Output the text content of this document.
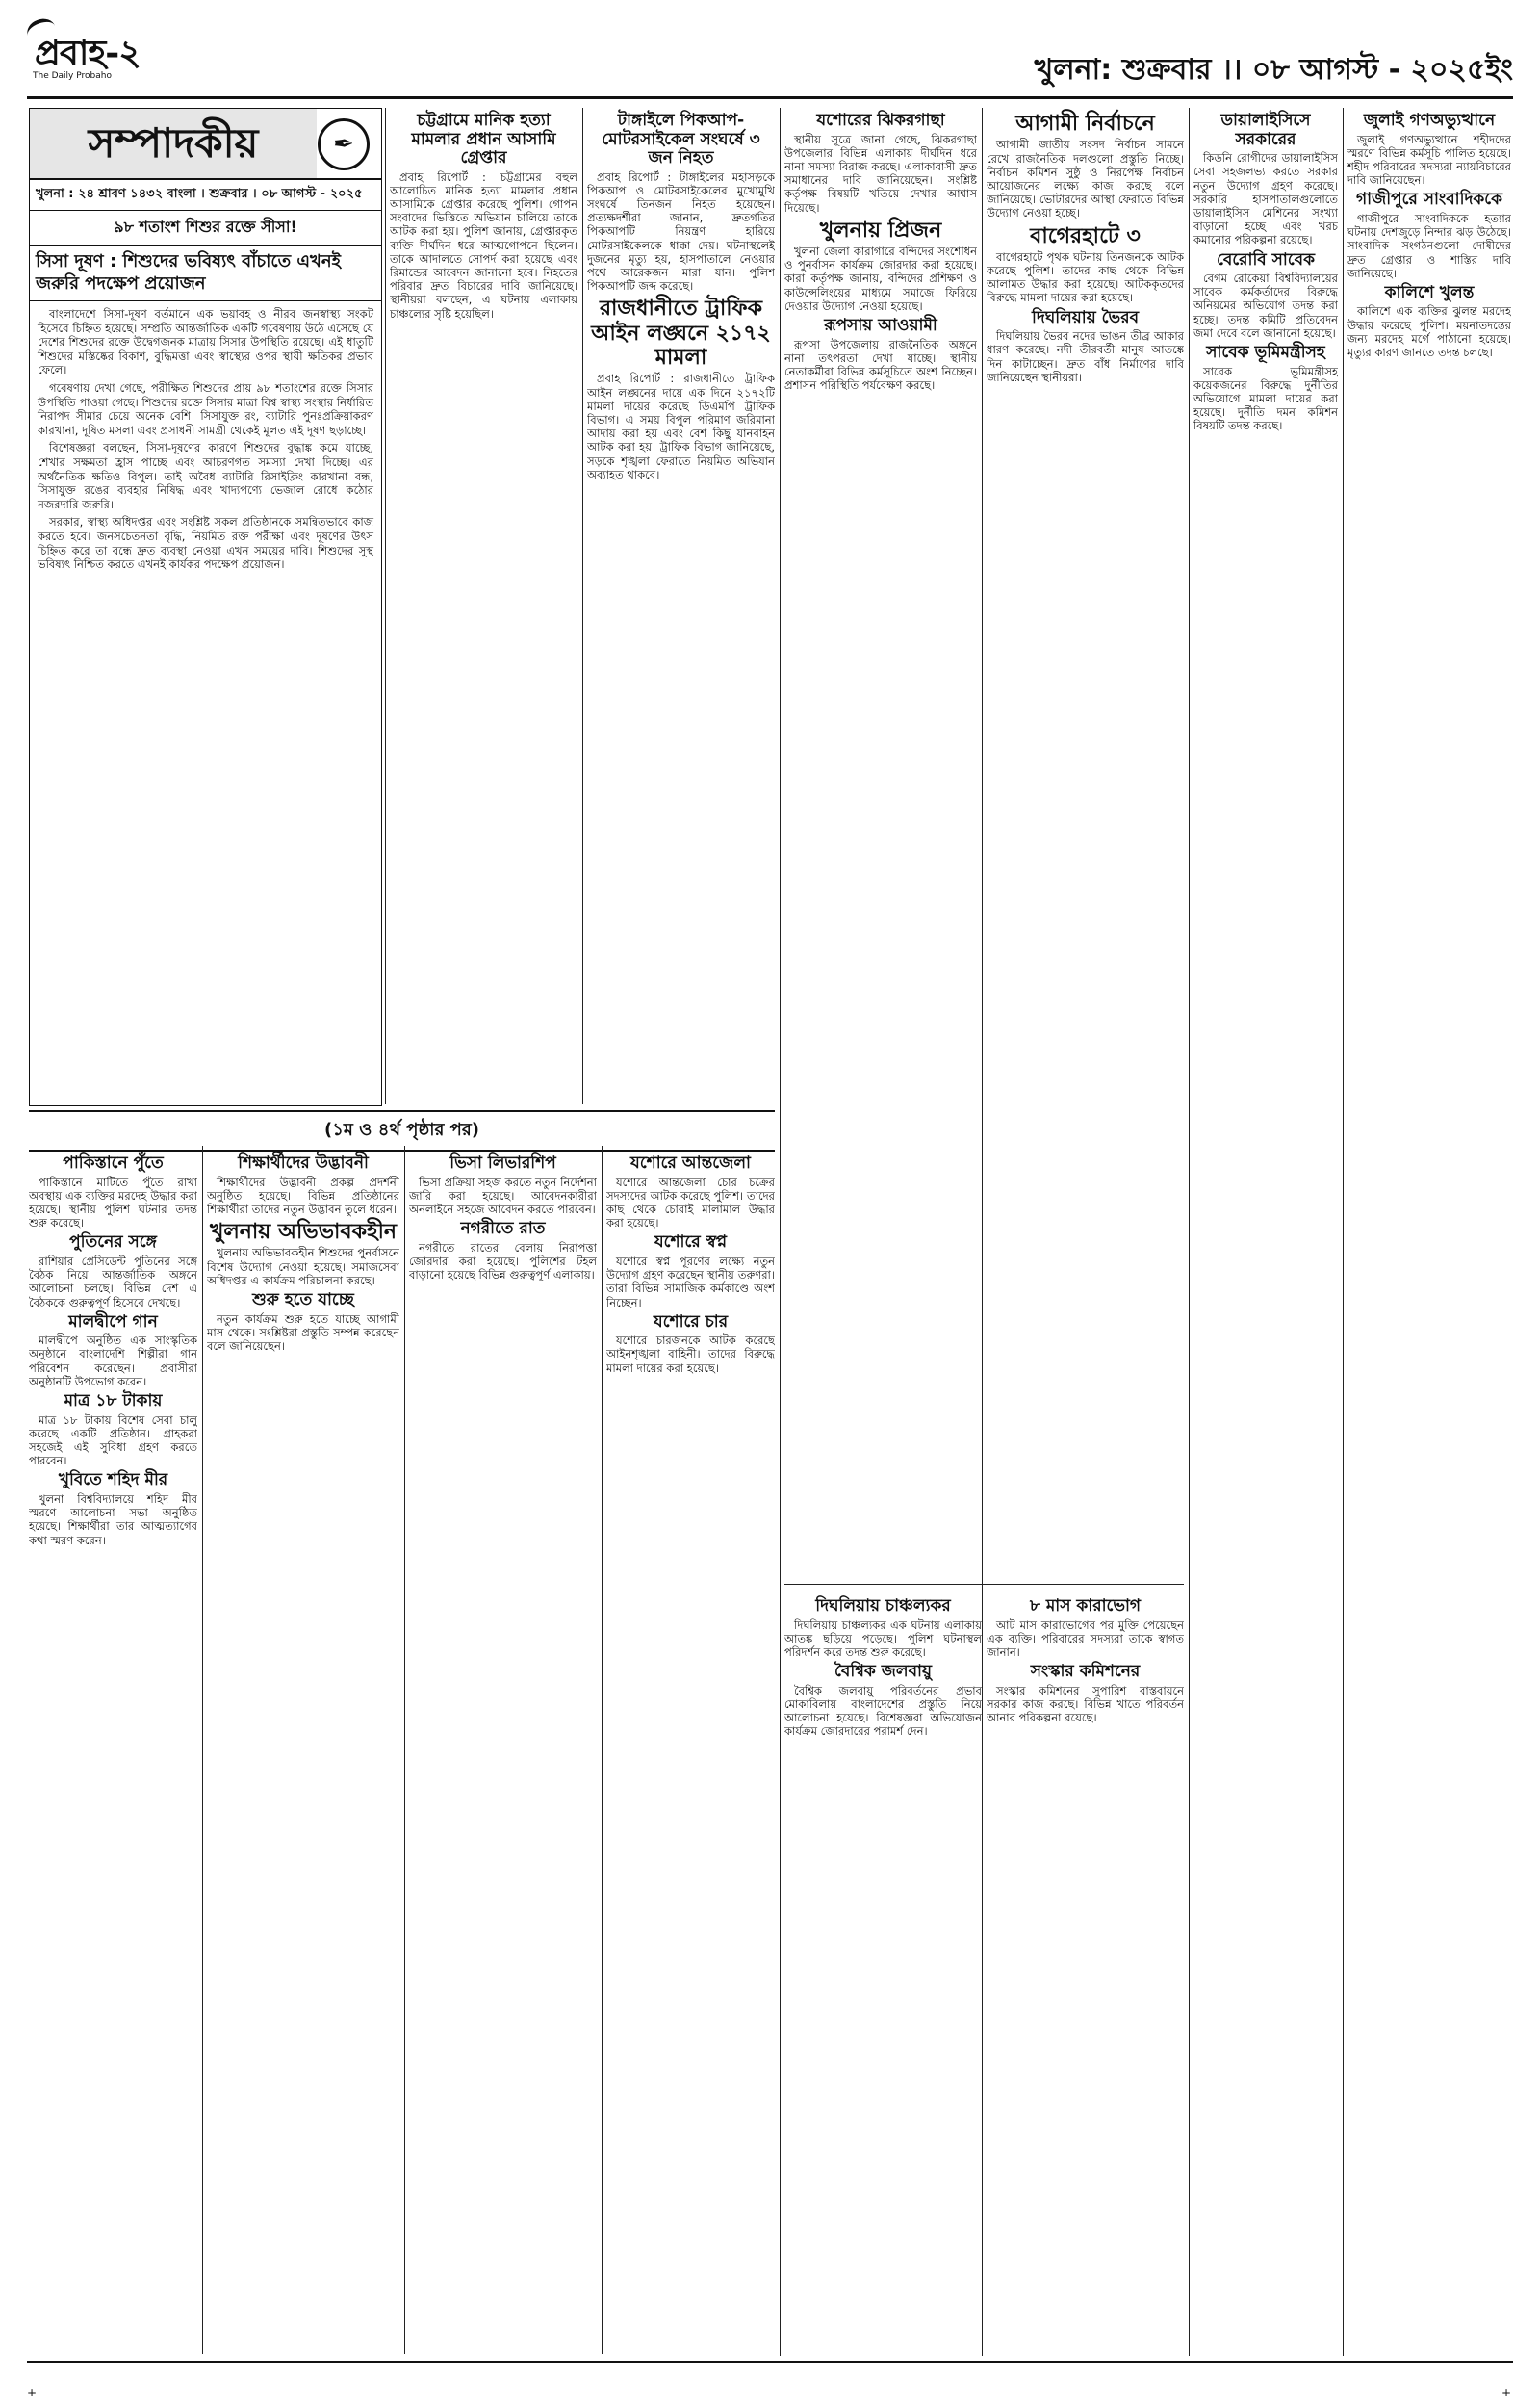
প্রবাহ-২
The Daily Probaho	খুলনা: শুক্রবার ।। ০৮ আগস্ট - ২০২৫ইং
সম্পাদকীয়	✒
খুলনা : ২৪ শ্রাবণ ১৪৩২ বাংলা । শুক্রবার । ০৮ আগস্ট - ২০২৫
৯৮ শতাংশ শিশুর রক্তে সীসা!
সিসা দূষণ : শিশুদের ভবিষ্যৎ বাঁচাতে এখনই জরুরি পদক্ষেপ প্রয়োজন

বাংলাদেশে সিসা-দূষণ বর্তমানে এক ভয়াবহ ও নীরব জনস্বাস্থ্য সংকট হিসেবে চিহ্নিত হয়েছে। সম্প্রতি আন্তর্জাতিক একটি গবেষণায় উঠে এসেছে যে দেশের শিশুদের রক্তে উদ্বেগজনক মাত্রায় সিসার উপস্থিতি রয়েছে। এই ধাতুটি শিশুদের মস্তিষ্কের বিকাশ, বুদ্ধিমত্তা এবং স্বাস্থ্যের ওপর স্থায়ী ক্ষতিকর প্রভাব ফেলে।

গবেষণায় দেখা গেছে, পরীক্ষিত শিশুদের প্রায় ৯৮ শতাংশের রক্তে সিসার উপস্থিতি পাওয়া গেছে। শিশুদের রক্তে সিসার মাত্রা বিশ্ব স্বাস্থ্য সংস্থার নির্ধারিত নিরাপদ সীমার চেয়ে অনেক বেশি। সিসাযুক্ত রং, ব্যাটারি পুনঃপ্রক্রিয়াকরণ কারখানা, দূষিত মসলা এবং প্রসাধনী সামগ্রী থেকেই মূলত এই দূষণ ছড়াচ্ছে।

বিশেষজ্ঞরা বলছেন, সিসা-দূষণের কারণে শিশুদের বুদ্ধাঙ্ক কমে যাচ্ছে, শেখার সক্ষমতা হ্রাস পাচ্ছে এবং আচরণগত সমস্যা দেখা দিচ্ছে। এর অর্থনৈতিক ক্ষতিও বিপুল। তাই অবৈধ ব্যাটারি রিসাইক্লিং কারখানা বন্ধ, সিসাযুক্ত রঙের ব্যবহার নিষিদ্ধ এবং খাদ্যপণ্যে ভেজাল রোধে কঠোর নজরদারি জরুরি।

সরকার, স্বাস্থ্য অধিদপ্তর এবং সংশ্লিষ্ট সকল প্রতিষ্ঠানকে সমন্বিতভাবে কাজ করতে হবে। জনসচেতনতা বৃদ্ধি, নিয়মিত রক্ত পরীক্ষা এবং দূষণের উৎস চিহ্নিত করে তা বন্ধে দ্রুত ব্যবস্থা নেওয়া এখন সময়ের দাবি। শিশুদের সুস্থ ভবিষ্যৎ নিশ্চিত করতে এখনই কার্যকর পদক্ষেপ প্রয়োজন।

চট্টগ্রামে মানিক হত্যা মামলার প্রধান আসামি গ্রেপ্তার

প্রবাহ রিপোর্ট : চট্টগ্রামের বহুল আলোচিত মানিক হত্যা মামলার প্রধান আসামিকে গ্রেপ্তার করেছে পুলিশ। গোপন সংবাদের ভিত্তিতে অভিযান চালিয়ে তাকে আটক করা হয়। পুলিশ জানায়, গ্রেপ্তারকৃত ব্যক্তি দীর্ঘদিন ধরে আত্মগোপনে ছিলেন। তাকে আদালতে সোপর্দ করা হয়েছে এবং রিমান্ডের আবেদন জানানো হবে। নিহতের পরিবার দ্রুত বিচারের দাবি জানিয়েছে। স্থানীয়রা বলছেন, এ ঘটনায় এলাকায় চাঞ্চল্যের সৃষ্টি হয়েছিল।

টাঙ্গাইলে পিকআপ-মোটরসাইকেল সংঘর্ষে ৩ জন নিহত

প্রবাহ রিপোর্ট : টাঙ্গাইলের মহাসড়কে পিকআপ ও মোটরসাইকেলের মুখোমুখি সংঘর্ষে তিনজন নিহত হয়েছেন। প্রত্যক্ষদর্শীরা জানান, দ্রুতগতির পিকআপটি নিয়ন্ত্রণ হারিয়ে মোটরসাইকেলকে ধাক্কা দেয়। ঘটনাস্থলেই দুজনের মৃত্যু হয়, হাসপাতালে নেওয়ার পথে আরেকজন মারা যান। পুলিশ পিকআপটি জব্দ করেছে।

রাজধানীতে ট্রাফিক আইন লঙ্ঘনে ২১৭২ মামলা

প্রবাহ রিপোর্ট : রাজধানীতে ট্রাফিক আইন লঙ্ঘনের দায়ে এক দিনে ২১৭২টি মামলা দায়ের করেছে ডিএমপি ট্রাফিক বিভাগ। এ সময় বিপুল পরিমাণ জরিমানা আদায় করা হয় এবং বেশ কিছু যানবাহন আটক করা হয়। ট্রাফিক বিভাগ জানিয়েছে, সড়কে শৃঙ্খলা ফেরাতে নিয়মিত অভিযান অব্যাহত থাকবে।

যশোরের ঝিকরগাছা

স্থানীয় সূত্রে জানা গেছে, ঝিকরগাছা উপজেলার বিভিন্ন এলাকায় দীর্ঘদিন ধরে নানা সমস্যা বিরাজ করছে। এলাকাবাসী দ্রুত সমাধানের দাবি জানিয়েছেন। সংশ্লিষ্ট কর্তৃপক্ষ বিষয়টি খতিয়ে দেখার আশ্বাস দিয়েছে।

খুলনায় প্রিজন

খুলনা জেলা কারাগারে বন্দিদের সংশোধন ও পুনর্বাসন কার্যক্রম জোরদার করা হয়েছে। কারা কর্তৃপক্ষ জানায়, বন্দিদের প্রশিক্ষণ ও কাউন্সেলিংয়ের মাধ্যমে সমাজে ফিরিয়ে দেওয়ার উদ্যোগ নেওয়া হয়েছে।

রূপসায় আওয়ামী

রূপসা উপজেলায় রাজনৈতিক অঙ্গনে নানা তৎপরতা দেখা যাচ্ছে। স্থানীয় নেতাকর্মীরা বিভিন্ন কর্মসূচিতে অংশ নিচ্ছেন। প্রশাসন পরিস্থিতি পর্যবেক্ষণ করছে।

আগামী নির্বাচনে

আগামী জাতীয় সংসদ নির্বাচন সামনে রেখে রাজনৈতিক দলগুলো প্রস্তুতি নিচ্ছে। নির্বাচন কমিশন সুষ্ঠু ও নিরপেক্ষ নির্বাচন আয়োজনের লক্ষ্যে কাজ করছে বলে জানিয়েছে। ভোটারদের আস্থা ফেরাতে বিভিন্ন উদ্যোগ নেওয়া হচ্ছে।

বাগেরহাটে ৩

বাগেরহাটে পৃথক ঘটনায় তিনজনকে আটক করেছে পুলিশ। তাদের কাছ থেকে বিভিন্ন আলামত উদ্ধার করা হয়েছে। আটককৃতদের বিরুদ্ধে মামলা দায়ের করা হয়েছে।

দিঘলিয়ায় ভৈরব

দিঘলিয়ায় ভৈরব নদের ভাঙন তীব্র আকার ধারণ করেছে। নদী তীরবর্তী মানুষ আতঙ্কে দিন কাটাচ্ছেন। দ্রুত বাঁধ নির্মাণের দাবি জানিয়েছেন স্থানীয়রা।

ডায়ালাইসিসে সরকারের

কিডনি রোগীদের ডায়ালাইসিস সেবা সহজলভ্য করতে সরকার নতুন উদ্যোগ গ্রহণ করেছে। সরকারি হাসপাতালগুলোতে ডায়ালাইসিস মেশিনের সংখ্যা বাড়ানো হচ্ছে এবং খরচ কমানোর পরিকল্পনা রয়েছে।

বেরোবি সাবেক

বেগম রোকেয়া বিশ্ববিদ্যালয়ের সাবেক কর্মকর্তাদের বিরুদ্ধে অনিয়মের অভিযোগ তদন্ত করা হচ্ছে। তদন্ত কমিটি প্রতিবেদন জমা দেবে বলে জানানো হয়েছে।

সাবেক ভূমিমন্ত্রীসহ

সাবেক ভূমিমন্ত্রীসহ কয়েকজনের বিরুদ্ধে দুর্নীতির অভিযোগে মামলা দায়ের করা হয়েছে। দুর্নীতি দমন কমিশন বিষয়টি তদন্ত করছে।

জুলাই গণঅভ্যুত্থানে

জুলাই গণঅভ্যুত্থানে শহীদদের স্মরণে বিভিন্ন কর্মসূচি পালিত হয়েছে। শহীদ পরিবারের সদস্যরা ন্যায়বিচারের দাবি জানিয়েছেন।

গাজীপুরে সাংবাদিককে

গাজীপুরে সাংবাদিককে হত্যার ঘটনায় দেশজুড়ে নিন্দার ঝড় উঠেছে। সাংবাদিক সংগঠনগুলো দোষীদের দ্রুত গ্রেপ্তার ও শাস্তির দাবি জানিয়েছে।

কালিশে খুলন্ত

কালিশে এক ব্যক্তির ঝুলন্ত মরদেহ উদ্ধার করেছে পুলিশ। ময়নাতদন্তের জন্য মরদেহ মর্গে পাঠানো হয়েছে। মৃত্যুর কারণ জানতে তদন্ত চলছে।

(১ম ও ৪র্থ পৃষ্ঠার পর)
পাকিস্তানে পুঁতে

পাকিস্তানে মাটিতে পুঁতে রাখা অবস্থায় এক ব্যক্তির মরদেহ উদ্ধার করা হয়েছে। স্থানীয় পুলিশ ঘটনার তদন্ত শুরু করেছে।

পুতিনের সঙ্গে

রাশিয়ার প্রেসিডেন্ট পুতিনের সঙ্গে বৈঠক নিয়ে আন্তর্জাতিক অঙ্গনে আলোচনা চলছে। বিভিন্ন দেশ এ বৈঠককে গুরুত্বপূর্ণ হিসেবে দেখছে।

মালদ্বীপে গান

মালদ্বীপে অনুষ্ঠিত এক সাংস্কৃতিক অনুষ্ঠানে বাংলাদেশি শিল্পীরা গান পরিবেশন করেছেন। প্রবাসীরা অনুষ্ঠানটি উপভোগ করেন।

মাত্র ১৮ টাকায়

মাত্র ১৮ টাকায় বিশেষ সেবা চালু করেছে একটি প্রতিষ্ঠান। গ্রাহকরা সহজেই এই সুবিধা গ্রহণ করতে পারবেন।

খুবিতে শহিদ মীর

খুলনা বিশ্ববিদ্যালয়ে শহিদ মীর স্মরণে আলোচনা সভা অনুষ্ঠিত হয়েছে। শিক্ষার্থীরা তার আত্মত্যাগের কথা স্মরণ করেন।

শিক্ষার্থীদের উদ্ভাবনী

শিক্ষার্থীদের উদ্ভাবনী প্রকল্প প্রদর্শনী অনুষ্ঠিত হয়েছে। বিভিন্ন প্রতিষ্ঠানের শিক্ষার্থীরা তাদের নতুন উদ্ভাবন তুলে ধরেন।

খুলনায় অভিভাবকহীন

খুলনায় অভিভাবকহীন শিশুদের পুনর্বাসনে বিশেষ উদ্যোগ নেওয়া হয়েছে। সমাজসেবা অধিদপ্তর এ কার্যক্রম পরিচালনা করছে।

শুরু হতে যাচ্ছে

নতুন কার্যক্রম শুরু হতে যাচ্ছে আগামী মাস থেকে। সংশ্লিষ্টরা প্রস্তুতি সম্পন্ন করেছেন বলে জানিয়েছেন।

ভিসা লিভারশিপ

ভিসা প্রক্রিয়া সহজ করতে নতুন নির্দেশনা জারি করা হয়েছে। আবেদনকারীরা অনলাইনে সহজে আবেদন করতে পারবেন।

নগরীতে রাত

নগরীতে রাতের বেলায় নিরাপত্তা জোরদার করা হয়েছে। পুলিশের টহল বাড়ানো হয়েছে বিভিন্ন গুরুত্বপূর্ণ এলাকায়।

যশোরে আন্তজেলা

যশোরে আন্তজেলা চোর চক্রের সদস্যদের আটক করেছে পুলিশ। তাদের কাছ থেকে চোরাই মালামাল উদ্ধার করা হয়েছে।

যশোরে স্বপ্ন

যশোরে স্বপ্ন পূরণের লক্ষ্যে নতুন উদ্যোগ গ্রহণ করেছেন স্থানীয় তরুণরা। তারা বিভিন্ন সামাজিক কর্মকাণ্ডে অংশ নিচ্ছেন।

যশোরে চার

যশোরে চারজনকে আটক করেছে আইনশৃঙ্খলা বাহিনী। তাদের বিরুদ্ধে মামলা দায়ের করা হয়েছে।

দিঘলিয়ায় চাঞ্চল্যকর

দিঘলিয়ায় চাঞ্চল্যকর এক ঘটনায় এলাকায় আতঙ্ক ছড়িয়ে পড়েছে। পুলিশ ঘটনাস্থল পরিদর্শন করে তদন্ত শুরু করেছে।

বৈশ্বিক জলবায়ু

বৈশ্বিক জলবায়ু পরিবর্তনের প্রভাব মোকাবিলায় বাংলাদেশের প্রস্তুতি নিয়ে আলোচনা হয়েছে। বিশেষজ্ঞরা অভিযোজন কার্যক্রম জোরদারের পরামর্শ দেন।

৮ মাস কারাভোগ

আট মাস কারাভোগের পর মুক্তি পেয়েছেন এক ব্যক্তি। পরিবারের সদস্যরা তাকে স্বাগত জানান।

সংস্কার কমিশনের

সংস্কার কমিশনের সুপারিশ বাস্তবায়নে সরকার কাজ করছে। বিভিন্ন খাতে পরিবর্তন আনার পরিকল্পনা রয়েছে।

+	+
